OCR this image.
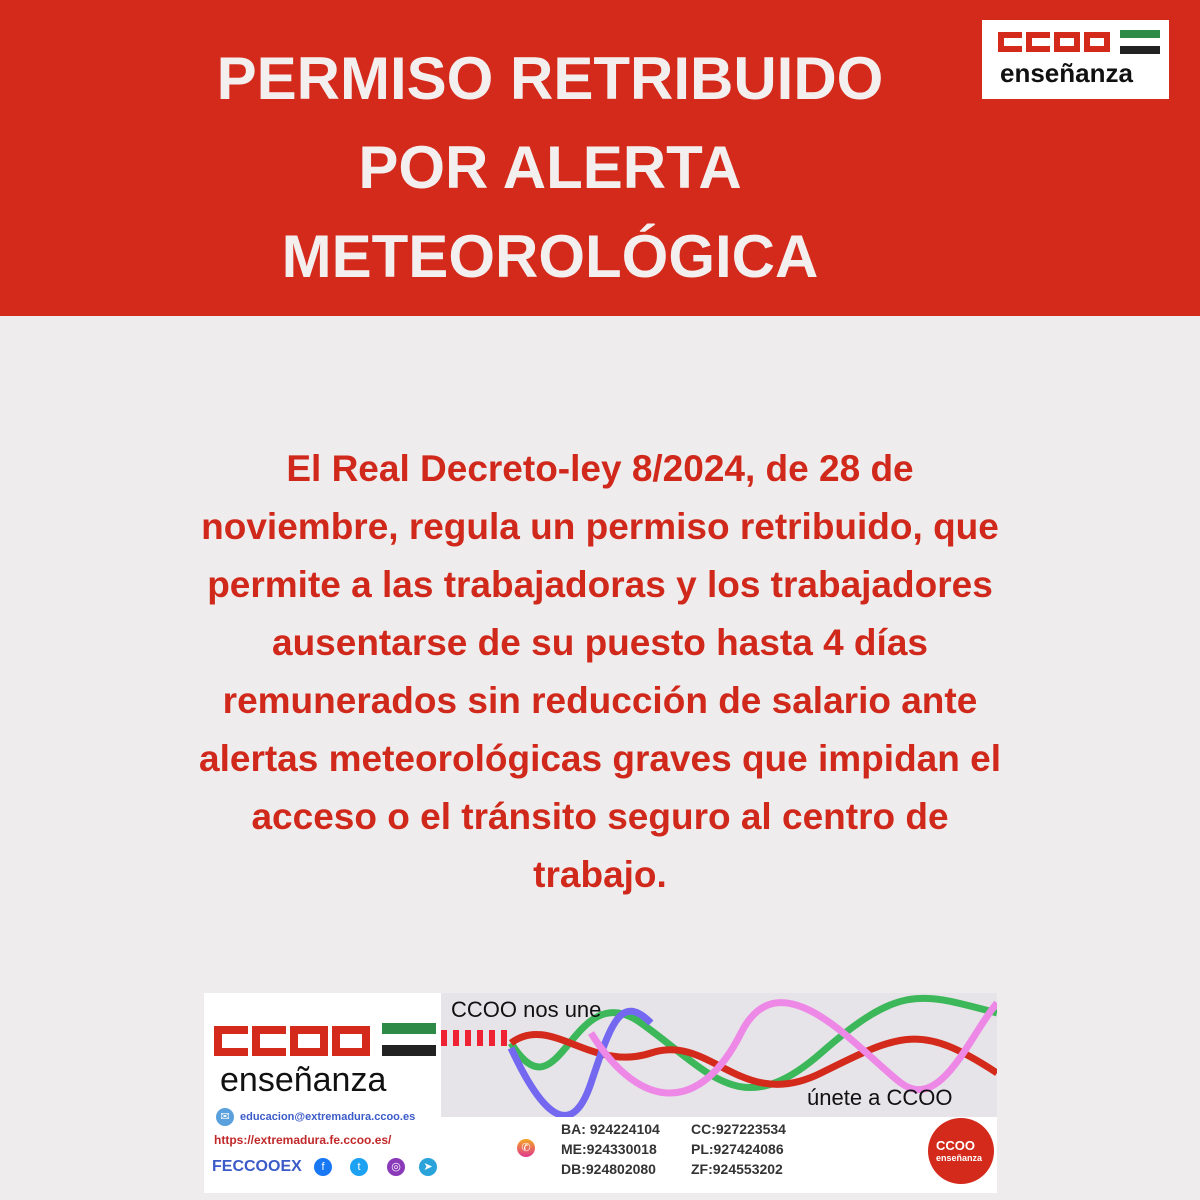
PERMISO RETRIBUIDO
POR ALERTA
METEOROLÓGICA
enseñanza
El Real Decreto-ley 8/2024, de 28 de
noviembre, regula un permiso retribuido, que
permite a las trabajadoras y los trabajadores
ausentarse de su puesto hasta 4 días
remunerados sin reducción de salario ante
alertas meteorológicas graves que impidan el
acceso o el tránsito seguro al centro de
trabajo.
enseñanza
✉ educacion@extremadura.ccoo.es
https://extremadura.fe.ccoo.es/
FECCOOEX	f	t	◎	➤
CCOO nos une
únete a CCOO
✆
BA: 924224104	CC:927223534
ME:924330018	PL:927424086
DB:924802080	ZF:924553202
CCOO
enseñanza
